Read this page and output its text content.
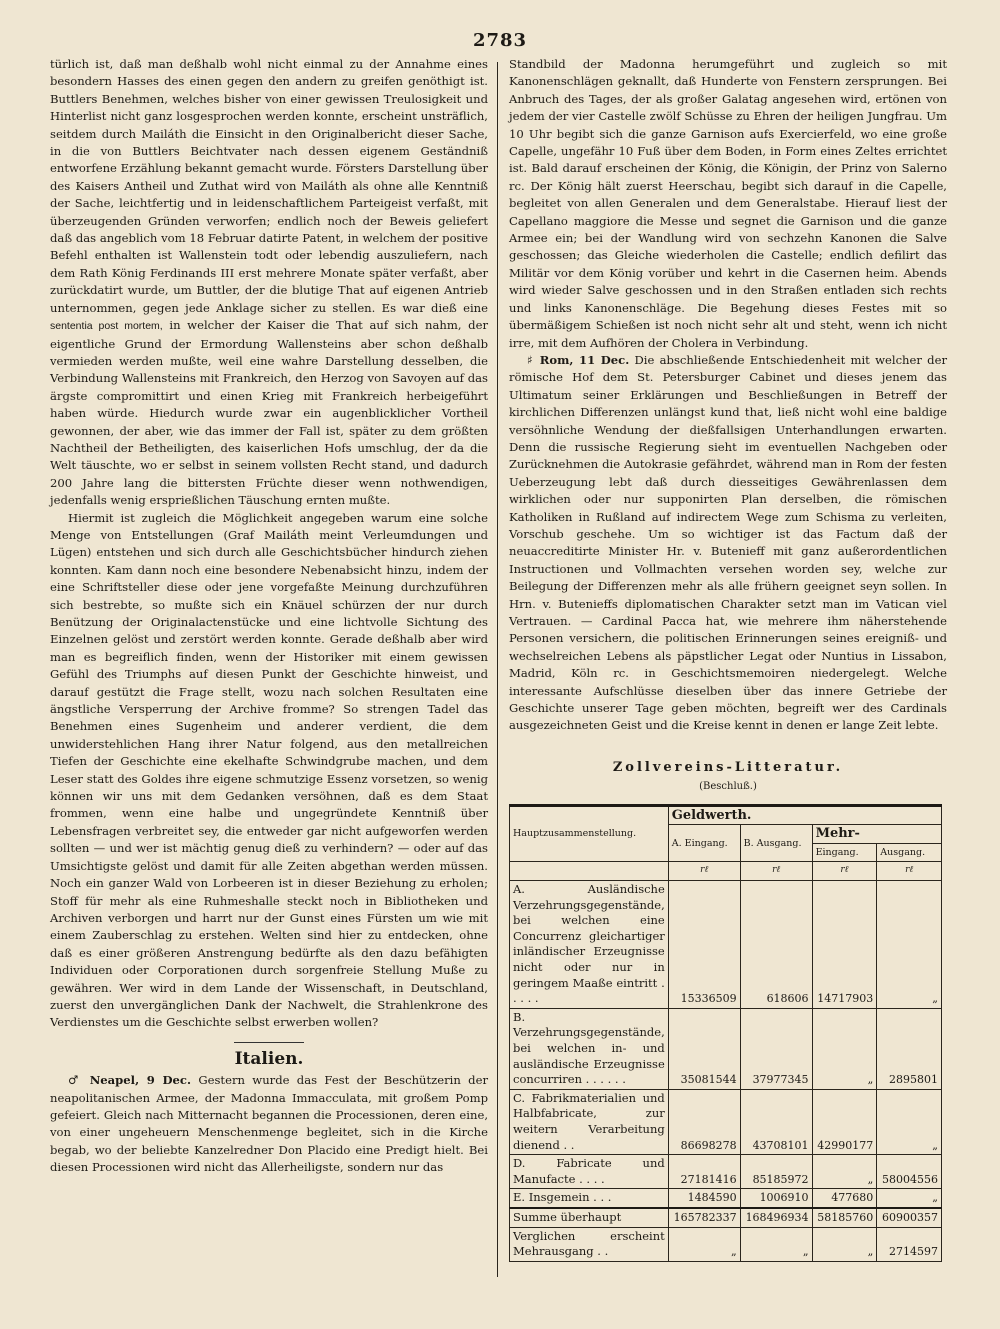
2783

türlich ist, daß man deßhalb wohl nicht einmal zu der Annahme eines besondern Hasses des einen gegen den andern zu greifen genöthigt ist. Buttlers Benehmen, welches bisher von einer gewissen Treulosigkeit und Hinterlist nicht ganz losgesprochen werden konnte, erscheint unsträflich, seitdem durch Mailáth die Einsicht in den Originalbericht dieser Sache, in die von Buttlers Beichtvater nach dessen eigenem Geständniß entworfene Erzählung bekannt gemacht wurde. Försters Darstellung über des Kaisers Antheil und Zuthat wird von Mailáth als ohne alle Kenntniß der Sache, leichtfertig und in leidenschaftlichem Parteigeist verfaßt, mit überzeugenden Gründen verworfen; endlich noch der Beweis geliefert daß das angeblich vom 18 Februar datirte Patent, in welchem der positive Befehl enthalten ist Wallenstein todt oder lebendig auszuliefern, nach dem Rath König Ferdinands III erst mehrere Monate später verfaßt, aber zurückdatirt wurde, um Buttler, der die blutige That auf eigenen Antrieb unternommen, gegen jede Anklage sicher zu stellen. Es war dieß eine sententia post mortem, in welcher der Kaiser die That auf sich nahm, der eigentliche Grund der Ermordung Wallensteins aber schon deßhalb vermieden werden mußte, weil eine wahre Darstellung desselben, die Verbindung Wallensteins mit Frankreich, den Herzog von Savoyen auf das ärgste compromittirt und einen Krieg mit Frankreich herbeigeführt haben würde. Hiedurch wurde zwar ein augenblicklicher Vortheil gewonnen, der aber, wie das immer der Fall ist, später zu dem größten Nachtheil der Betheiligten, des kaiserlichen Hofs umschlug, der da die Welt täuschte, wo er selbst in seinem vollsten Recht stand, und dadurch 200 Jahre lang die bittersten Früchte dieser wenn nothwendigen, jedenfalls wenig ersprießlichen Täuschung ernten mußte.

Hiermit ist zugleich die Möglichkeit angegeben warum eine solche Menge von Entstellungen (Graf Mailáth meint Verleumdungen und Lügen) entstehen und sich durch alle Geschichtsbücher hindurch ziehen konnten. Kam dann noch eine besondere Nebenabsicht hinzu, indem der eine Schriftsteller diese oder jene vorgefaßte Meinung durchzuführen sich bestrebte, so mußte sich ein Knäuel schürzen der nur durch Benützung der Originalactenstücke und eine lichtvolle Sichtung des Einzelnen gelöst und zerstört werden konnte. Gerade deßhalb aber wird man es begreiflich finden, wenn der Historiker mit einem gewissen Gefühl des Triumphs auf diesen Punkt der Geschichte hinweist, und darauf gestützt die Frage stellt, wozu nach solchen Resultaten eine ängstliche Versperrung der Archive fromme? So strengen Tadel das Benehmen eines Sugenheim und anderer verdient, die dem unwiderstehlichen Hang ihrer Natur folgend, aus den metallreichen Tiefen der Geschichte eine ekelhafte Schwindgrube machen, und dem Leser statt des Goldes ihre eigene schmutzige Essenz vorsetzen, so wenig können wir uns mit dem Gedanken versöhnen, daß es dem Staat frommen, wenn eine halbe und ungegründete Kenntniß über Lebensfragen verbreitet sey, die entweder gar nicht aufgeworfen werden sollten — und wer ist mächtig genug dieß zu verhindern? — oder auf das Umsichtigste gelöst und damit für alle Zeiten abgethan werden müssen. Noch ein ganzer Wald von Lorbeeren ist in dieser Beziehung zu erholen; Stoff für mehr als eine Ruhmeshalle steckt noch in Bibliotheken und Archiven verborgen und harrt nur der Gunst eines Fürsten um wie mit einem Zauberschlag zu erstehen. Welten sind hier zu entdecken, ohne daß es einer größeren Anstrengung bedürfte als den dazu befähigten Individuen oder Corporationen durch sorgenfreie Stellung Muße zu gewähren. Wer wird in dem Lande der Wissenschaft, in Deutschland, zuerst den unvergänglichen Dank der Nachwelt, die Strahlenkrone des Verdienstes um die Geschichte selbst erwerben wollen?

Italien.

♂ Neapel, 9 Dec. Gestern wurde das Fest der Beschützerin der neapolitanischen Armee, der Madonna Immacculata, mit großem Pomp gefeiert. Gleich nach Mitternacht begannen die Processionen, deren eine, von einer ungeheuern Menschenmenge begleitet, sich in die Kirche begab, wo der beliebte Kanzelredner Don Placido eine Predigt hielt. Bei diesen Processionen wird nicht das Allerheiligste, sondern nur das

Standbild der Madonna herumgeführt und zugleich so mit Kanonenschlägen geknallt, daß Hunderte von Fenstern zersprungen. Bei Anbruch des Tages, der als großer Galatag angesehen wird, ertönen von jedem der vier Castelle zwölf Schüsse zu Ehren der heiligen Jungfrau. Um 10 Uhr begibt sich die ganze Garnison aufs Exercierfeld, wo eine große Capelle, ungefähr 10 Fuß über dem Boden, in Form eines Zeltes errichtet ist. Bald darauf erscheinen der König, die Königin, der Prinz von Salerno rc. Der König hält zuerst Heerschau, begibt sich darauf in die Capelle, begleitet von allen Generalen und dem Generalstabe. Hierauf liest der Capellano maggiore die Messe und segnet die Garnison und die ganze Armee ein; bei der Wandlung wird von sechzehn Kanonen die Salve geschossen; das Gleiche wiederholen die Castelle; endlich defilirt das Militär vor dem König vorüber und kehrt in die Casernen heim. Abends wird wieder Salve geschossen und in den Straßen entladen sich rechts und links Kanonenschläge. Die Begehung dieses Festes mit so übermäßigem Schießen ist noch nicht sehr alt und steht, wenn ich nicht irre, mit dem Aufhören der Cholera in Verbindung.

♯ Rom, 11 Dec. Die abschließende Entschiedenheit mit welcher der römische Hof dem St. Petersburger Cabinet und dieses jenem das Ultimatum seiner Erklärungen und Beschließungen in Betreff der kirchlichen Differenzen unlängst kund that, ließ nicht wohl eine baldige versöhnliche Wendung der dießfallsigen Unterhandlungen erwarten. Denn die russische Regierung sieht im eventuellen Nachgeben oder Zurücknehmen die Autokrasie gefährdet, während man in Rom der festen Ueberzeugung lebt daß durch diesseitiges Gewährenlassen dem wirklichen oder nur supponirten Plan derselben, die römischen Katholiken in Rußland auf indirectem Wege zum Schisma zu verleiten, Vorschub geschehe. Um so wichtiger ist das Factum daß der neuaccreditirte Minister Hr. v. Butenieff mit ganz außerordentlichen Instructionen und Vollmachten versehen worden sey, welche zur Beilegung der Differenzen mehr als alle frühern geeignet seyn sollen. In Hrn. v. Butenieffs diplomatischen Charakter setzt man im Vatican viel Vertrauen. — Cardinal Pacca hat, wie mehrere ihm näherstehende Personen versichern, die politischen Erinnerungen seines ereigniß- und wechselreichen Lebens als päpstlicher Legat oder Nuntius in Lissabon, Madrid, Köln rc. in Geschichtsmemoiren niedergelegt. Welche interessante Aufschlüsse dieselben über das innere Getriebe der Geschichte unserer Tage geben möchten, begreift wer des Cardinals ausgezeichneten Geist und die Kreise kennt in denen er lange Zeit lebte.

Zollvereins-Litteratur.
(Beschluß.)
Hauptzusammenstellung.	Geldwerth.			
	A. Eingang.	B. Ausgang.	Mehr-	
			Eingang.	Ausgang.
	rℓ	rℓ	rℓ	rℓ
A. Ausländische Verzehrungsgegenstände, bei welchen eine Concurrenz gleichartiger inländischer Erzeugnisse nicht oder nur in geringem Maaße eintritt . . . . .	15336509	618606	14717903	„
B. Verzehrungsgegenstände, bei welchen in- und ausländische Erzeugnisse concurriren . . . . . .	35081544	37977345	„	2895801
C. Fabrikmaterialien und Halbfabricate, zur weitern Verarbeitung dienend . .	86698278	43708101	42990177	„
D. Fabricate und Manufacte . . . .	27181416	85185972	„	58004556
E. Insgemein . . .	1484590	1006910	477680	„
Summe überhaupt	165782337	168496934	58185760	60900357
Verglichen erscheint Mehrausgang . .	„	„	„	2714597
